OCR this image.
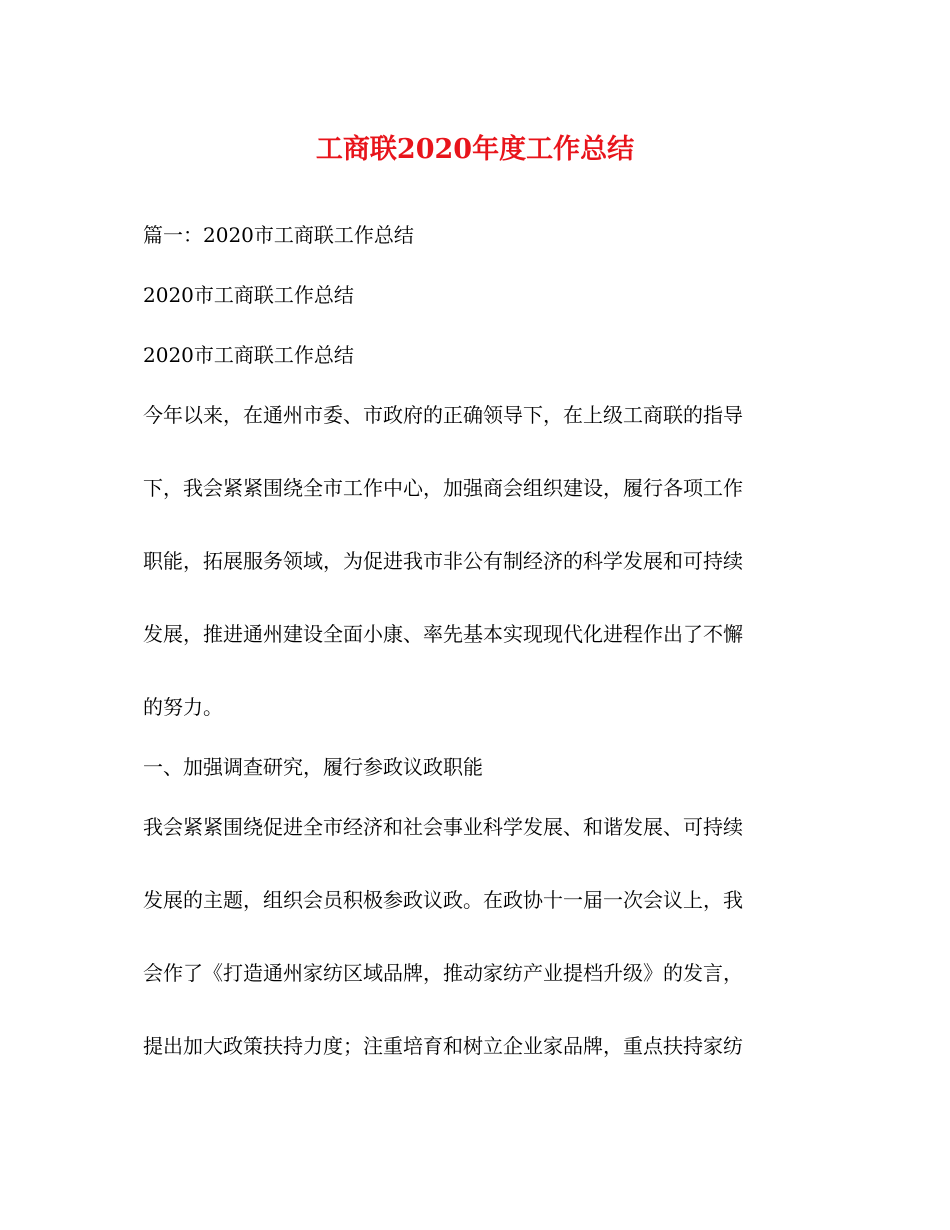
工商联2020年度工作总结
篇一：2020市工商联工作总结
2020市工商联工作总结
2020市工商联工作总结
今年以来，在通州市委、市政府的正确领导下，在上级工商联的指导
下，我会紧紧围绕全市工作中心，加强商会组织建设，履行各项工作
职能，拓展服务领域，为促进我市非公有制经济的科学发展和可持续
发展，推进通州建设全面小康、率先基本实现现代化进程作出了不懈
的努力。
一、加强调查研究，履行参政议政职能
我会紧紧围绕促进全市经济和社会事业科学发展、和谐发展、可持续
发展的主题，组织会员积极参政议政。在政协十一届一次会议上，我
会作了《打造通州家纺区域品牌，推动家纺产业提档升级》的发言，
提出加大政策扶持力度；注重培育和树立企业家品牌，重点扶持家纺
